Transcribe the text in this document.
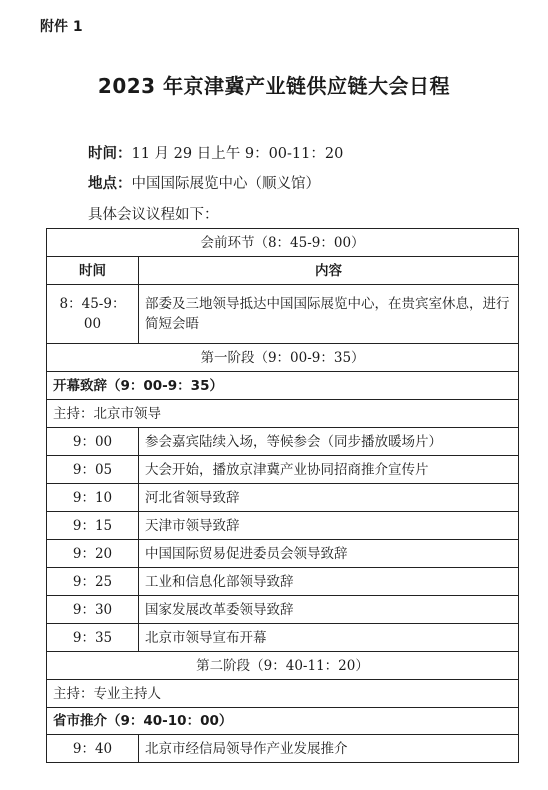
附件 1
2023 年京津冀产业链供应链大会日程
时间：11 月 29 日上午 9：00-11：20
地点：中国国际展览中心（顺义馆）
具体会议议程如下：
会前环节（8：45-9：00）	
时间	内容
8：45-9：00	部委及三地领导抵达中国国际展览中心，在贵宾室休息，进行简短会晤
第一阶段（9：00-9：35）	
开幕致辞（9：00-9：35）	
主持：北京市领导	
9：00	参会嘉宾陆续入场，等候参会（同步播放暖场片）
9：05	大会开始，播放京津冀产业协同招商推介宣传片
9：10	河北省领导致辞
9：15	天津市领导致辞
9：20	中国国际贸易促进委员会领导致辞
9：25	工业和信息化部领导致辞
9：30	国家发展改革委领导致辞
9：35	北京市领导宣布开幕
第二阶段（9：40-11：20）	
主持：专业主持人	
省市推介（9：40-10：00）	
9：40	北京市经信局领导作产业发展推介
